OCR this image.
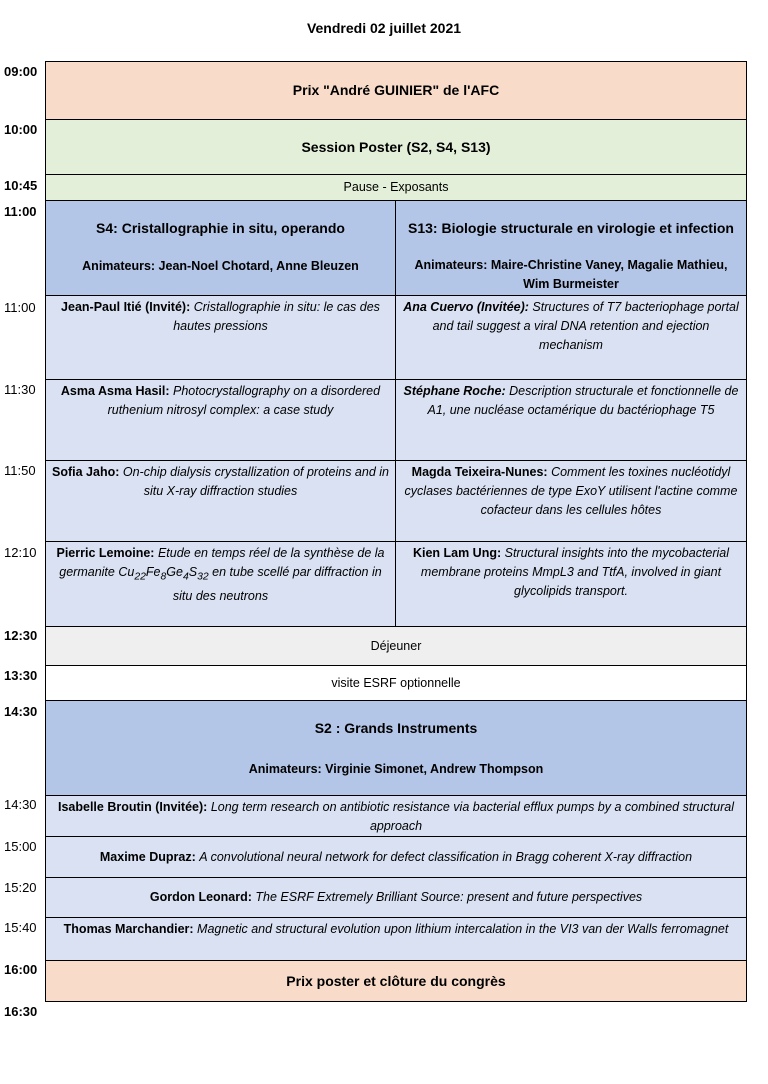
Vendredi 02 juillet 2021
09:00
10:00
10:45
11:00
11:00
11:30
11:50
12:10
12:30
13:30
14:30
14:30
15:00
15:20
15:40
16:00
16:30
Prix "André GUINIER" de l'AFC
Session Poster (S2, S4, S13)
Pause - Exposants
S4: Cristallographie in situ, operando
Animateurs: Jean-Noel Chotard, Anne Bleuzen
S13: Biologie structurale en virologie et infection
Animateurs: Maire-Christine Vaney, Magalie Mathieu, Wim Burmeister
Jean-Paul Itié (Invité): Cristallographie in situ: le cas des hautes pressions
Asma Asma Hasil: Photocrystallography on a disordered ruthenium nitrosyl complex: a case study
Sofia Jaho: On-chip dialysis crystallization of proteins and in situ X-ray diffraction studies
Pierric Lemoine: Etude en temps réel de la synthèse de la germanite $Cu_{22}Fe_8Ge_4S_{32}$ en tube scellé par diffraction in situ des neutrons
Ana Cuervo (Invitée): Structures of T7 bacteriophage portal and tail suggest a viral DNA retention and ejection mechanism
Stéphane Roche: Description structurale et fonctionnelle de A1, une nucléase octamérique du bactériophage T5
Magda Teixeira-Nunes: Comment les toxines nucléotidyl cyclases bactériennes de type ExoY utilisent l'actine comme cofacteur dans les cellules hôtes
Kien Lam Ung: Structural insights into the mycobacterial membrane proteins MmpL3 and TtfA, involved in giant glycolipids transport.
Déjeuner
visite ESRF optionnelle
S2 : Grands Instruments
Animateurs: Virginie Simonet, Andrew Thompson
Isabelle Broutin (Invitée): Long term research on antibiotic resistance via bacterial efflux pumps by a combined structural approach
Maxime Dupraz: A convolutional neural network for defect classification in Bragg coherent X-ray diffraction
Gordon Leonard: The ESRF Extremely Brilliant Source: present and future perspectives
Thomas Marchandier: Magnetic and structural evolution upon lithium intercalation in the VI3 van der Walls ferromagnet
Prix poster et clôture du congrès
